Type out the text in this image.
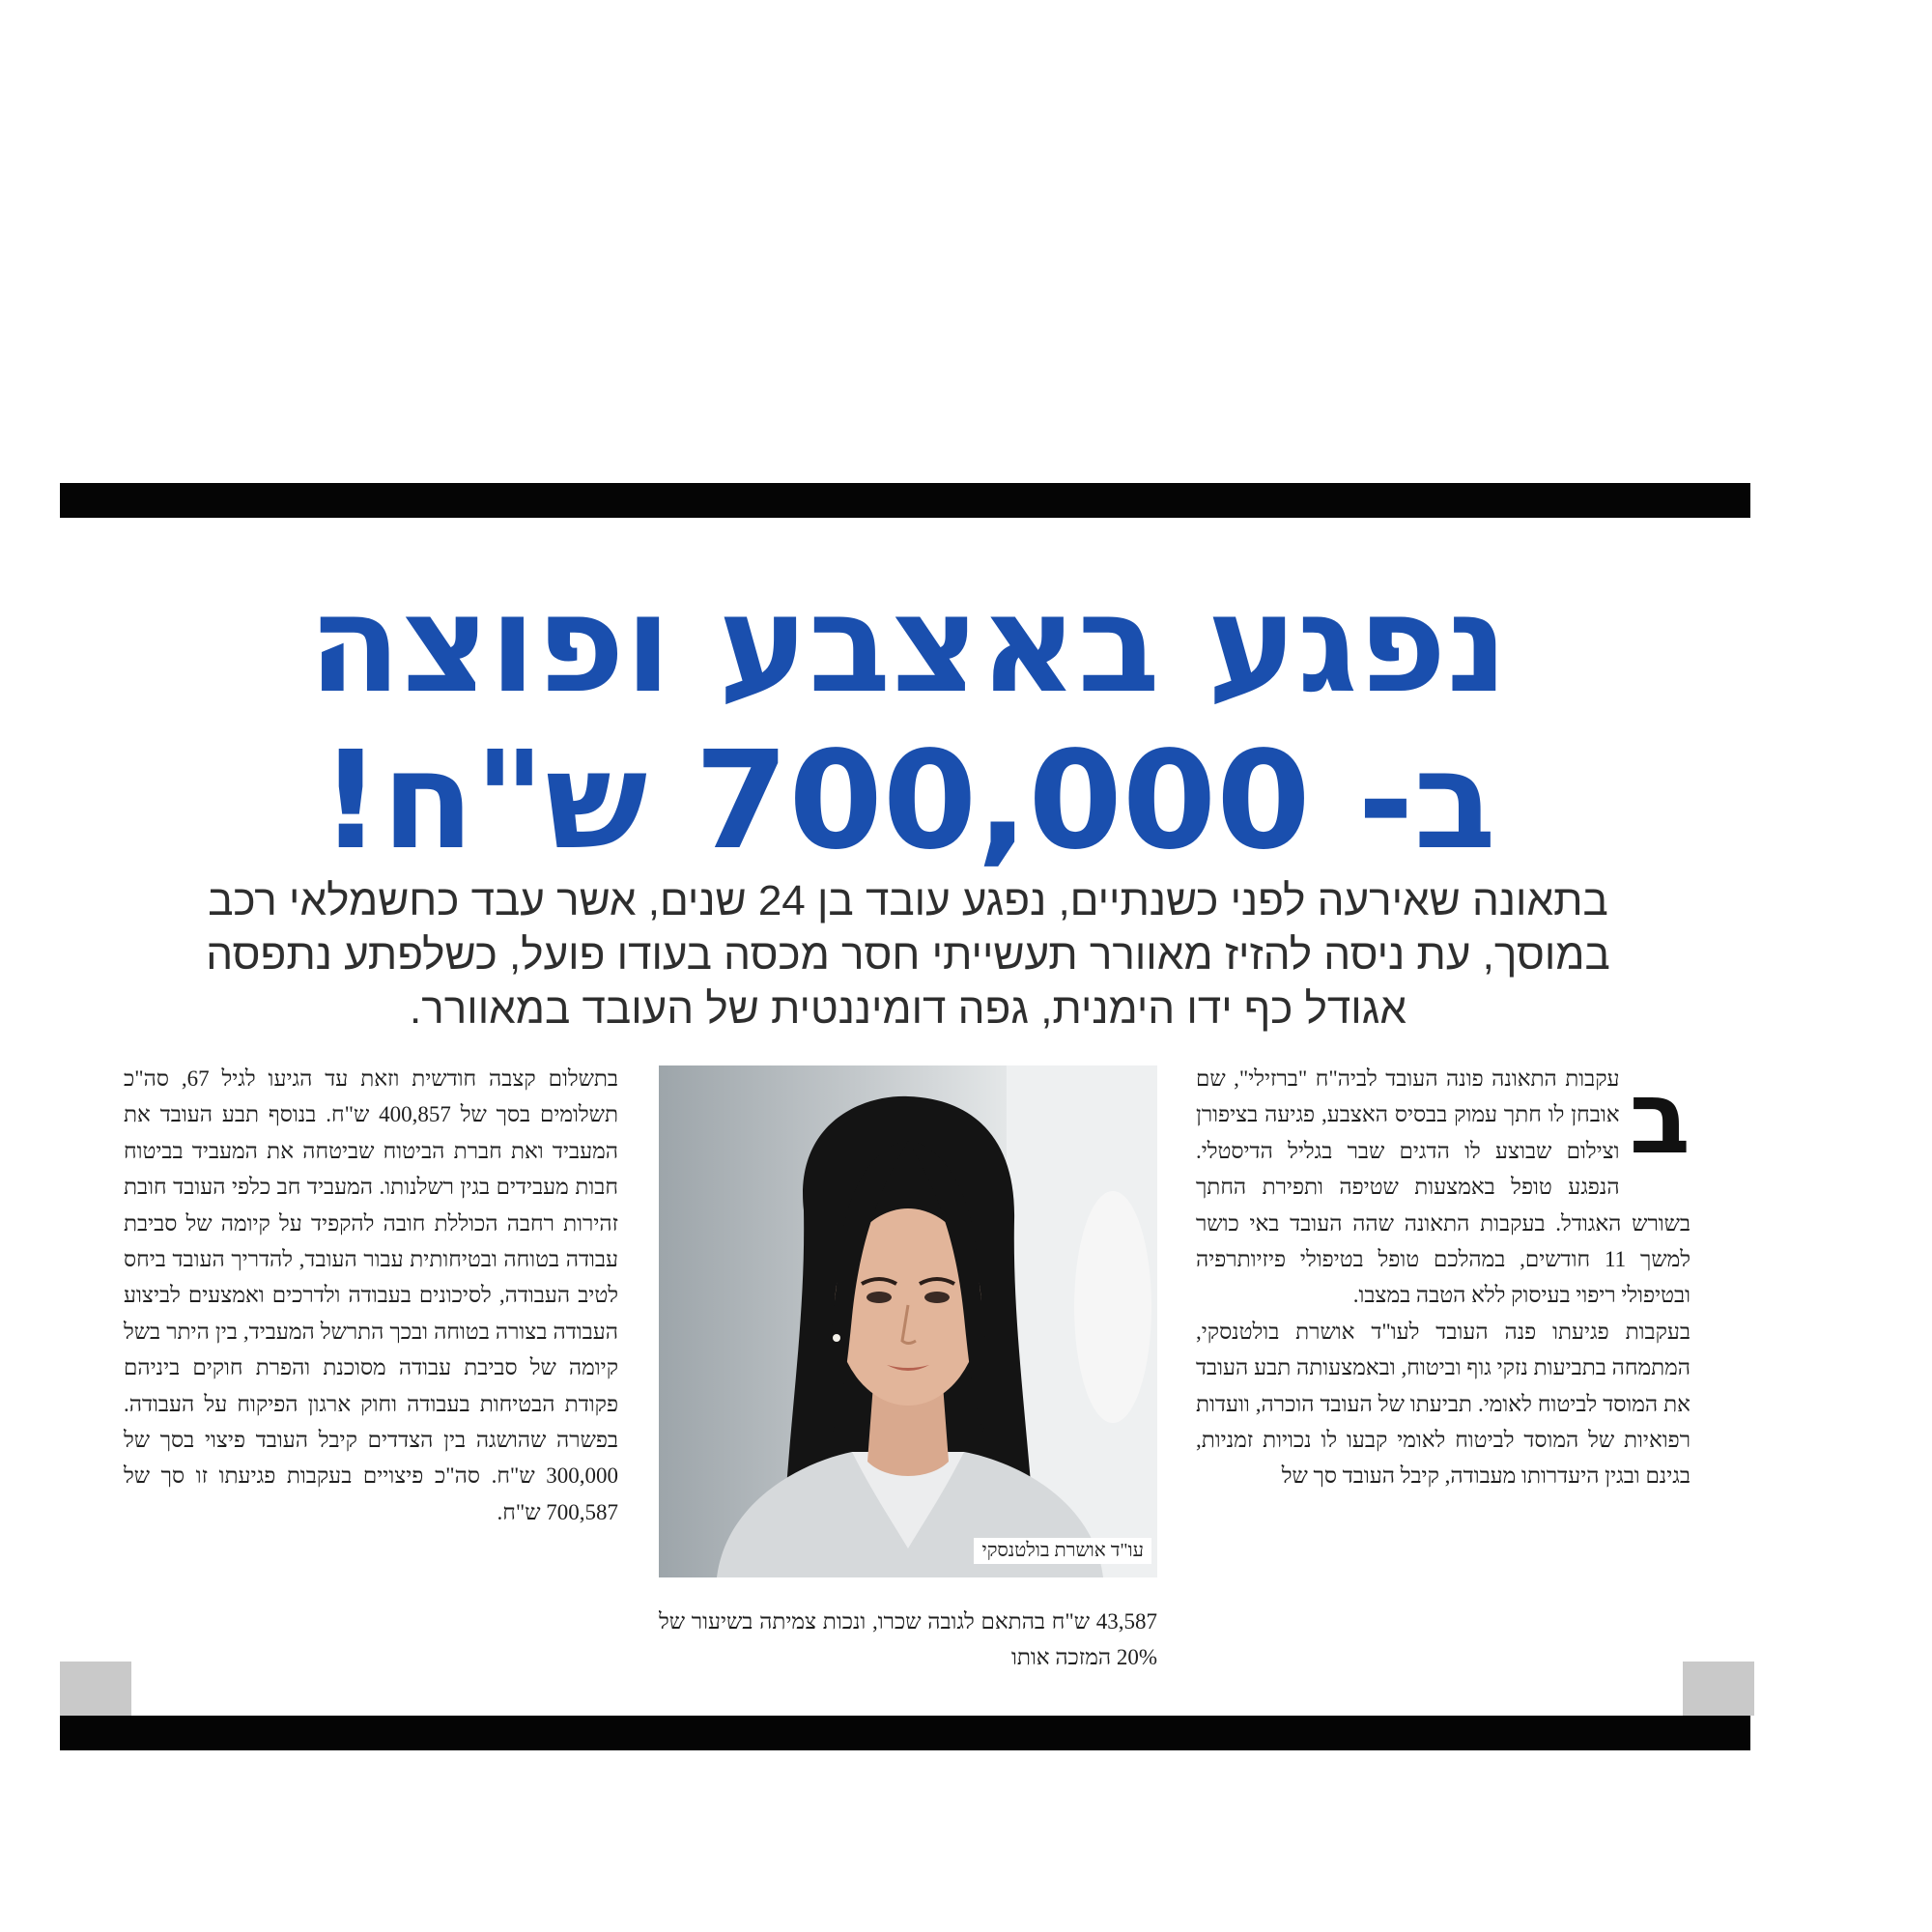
נפגע באצבע ופוצה
ב- 700,000 ש"ח!
בתאונה שאירעה לפני כשנתיים, נפגע עובד בן 24 שנים, אשר עבד כחשמלאי רכב
במוסך, עת ניסה להזיז מאוורר תעשייתי חסר מכסה בעודו פועל, כשלפתע נתפסה
אגודל כף ידו הימנית, גפה דומיננטית של העובד במאוורר.
ב

עקבות התאונה פונה העובד לביה"ח "ברזילי", שם אובחן לו חתך עמוק בבסיס האצבע, פגיעה בציפורן וצילום שבוצע לו הדגים שבר בגליל הדיסטלי. הנפגע טופל באמצעות שטיפה ותפירת החתך בשורש האגודל. בעקבות התאונה שהה העובד באי כושר למשך 11 חודשים, במהלכם טופל בטיפולי פיזיותרפיה ובטיפולי ריפוי בעיסוק ללא הטבה במצבו.

בעקבות פגיעתו פנה העובד לעו"ד אושרת בולטנסקי, המתמחה בתביעות נזקי גוף וביטוח, ובאמצעותה תבע העובד את המוסד לביטוח לאומי. תביעתו של העובד הוכרה, וועדות רפואיות של המוסד לביטוח לאומי קבעו לו נכויות זמניות, בגינם ובגין היעדרותו מעבודה, קיבל העובד סך של

עו"ד אושרת בולטנסקי

43,587 ש"ח בהתאם לגובה שכרו, ונכות צמיתה בשיעור של 20% המזכה אותו

בתשלום קצבה חודשית וזאת עד הגיעו לגיל 67, סה"כ תשלומים בסך של 400,857 ש"ח. בנוסף תבע העובד את המעביד ואת חברת הביטוח שביטחה את המעביד בביטוח חבות מעבידים בגין רשלנותו. המעביד חב כלפי העובד חובת זהירות רחבה הכוללת חובה להקפיד על קיומה של סביבת עבודה בטוחה ובטיחותית עבור העובד, להדריך העובד ביחס לטיב העבודה, לסיכונים בעבודה ולדרכים ואמצעים לביצוע העבודה בצורה בטוחה ובכך התרשל המעביד, בין היתר בשל קיומה של סביבת עבודה מסוכנת והפרת חוקים ביניהם פקודת הבטיחות בעבודה וחוק ארגון הפיקוח על העבודה. בפשרה שהושגה בין הצדדים קיבל העובד פיצוי בסך של 300,000 ש"ח. סה"כ פיצויים בעקבות פגיעתו זו סך של 700,587 ש"ח.
